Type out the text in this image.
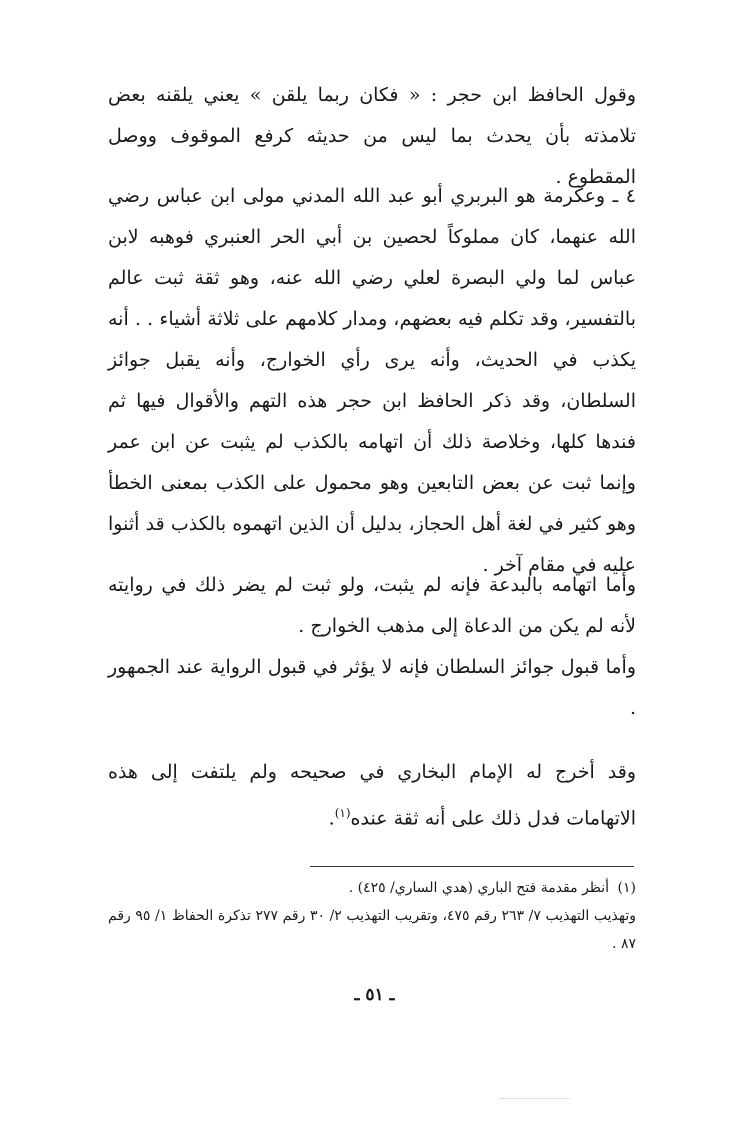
وقول الحافظ ابن حجر : « فكان ربما يلقن » يعني يلقنه بعض تلامذته بأن يحدث بما ليس من حديثه كرفع الموقوف ووصل المقطوع .

٤ ـ وعكرمة هو البربري أبو عبد الله المدني مولى ابن عباس رضي الله عنهما، كان مملوكاً لحصين بن أبي الحر العنبري فوهبه لابن عباس لما ولي البصرة لعلي رضي الله عنه، وهو ثقة ثبت عالم بالتفسير، وقد تكلم فيه بعضهم، ومدار كلامهم على ثلاثة أشياء . . أنه يكذب في الحديث، وأنه يرى رأي الخوارج، وأنه يقبل جوائز السلطان، وقد ذكر الحافظ ابن حجر هذه التهم والأقوال فيها ثم فندها كلها، وخلاصة ذلك أن اتهامه بالكذب لم يثبت عن ابن عمر وإنما ثبت عن بعض التابعين وهو محمول على الكذب بمعنى الخطأ وهو كثير في لغة أهل الحجاز، بدليل أن الذين اتهموه بالكذب قد أثنوا عليه في مقام آخر .

وأما اتهامه بالبدعة فإنه لم يثبت، ولو ثبت لم يضر ذلك في روايته لأنه لم يكن من الدعاة إلى مذهب الخوارج .

وأما قبول جوائز السلطان فإنه لا يؤثر في قبول الرواية عند الجمهور .

وقد أخرج له الإمام البخاري في صحيحه ولم يلتفت إلى هذه الاتهامات فدل ذلك على أنه ثقة عنده$^{(١)}$.

(١) أنظر مقدمة فتح الباري (هدي الساري/ ٤٢٥) .

وتهذيب التهذيب ٧/ ٢٦٣ رقم ٤٧٥، وتقريب التهذيب ٢/ ٣٠ رقم ٢٧٧ تذكرة الحفاظ ١/ ٩٥ رقم ٨٧ .

ـ ٥١ ـ
